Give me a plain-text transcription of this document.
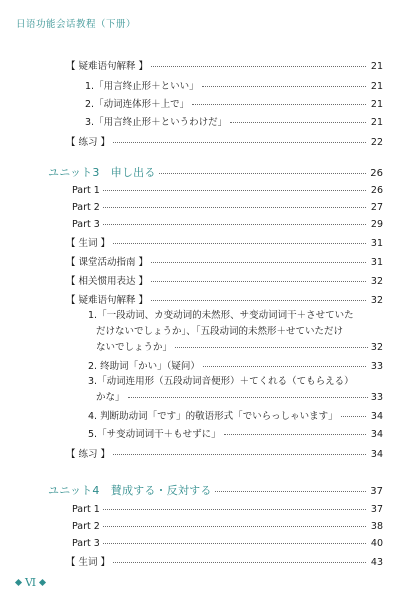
日语功能会话教程（下册）
【 疑难语句解释 】	21
1.「用言终止形＋といい」	21
2.「动词连体形＋上で」	21
3.「用言终止形＋というわけだ」	21
【 练习 】	22
ユニット3　申し出る	26
Part 1	26
Part 2	27
Part 3	29
【 生词 】	31
【 课堂活动指南 】	31
【 相关惯用表达 】	32
【 疑难语句解释 】	32
1.「一段动词、カ变动词的未然形、サ变动词词干＋させていた
だけないでしょうか」、「五段动词的未然形＋せていただけ
ないでしょうか」	32
2. 终助词「かい」（疑问）	33
3.「动词连用形（五段动词音便形）＋てくれる（てもらえる）
かな」	33
4. 判断助动词「です」的敬语形式「でいらっしゃいます」	34
5.「サ变动词词干＋もせずに」	34
【 练习 】	34
ユニット4　賛成する・反対する	37
Part 1	37
Part 2	38
Part 3	40
【 生词 】	43
Ⅵ
